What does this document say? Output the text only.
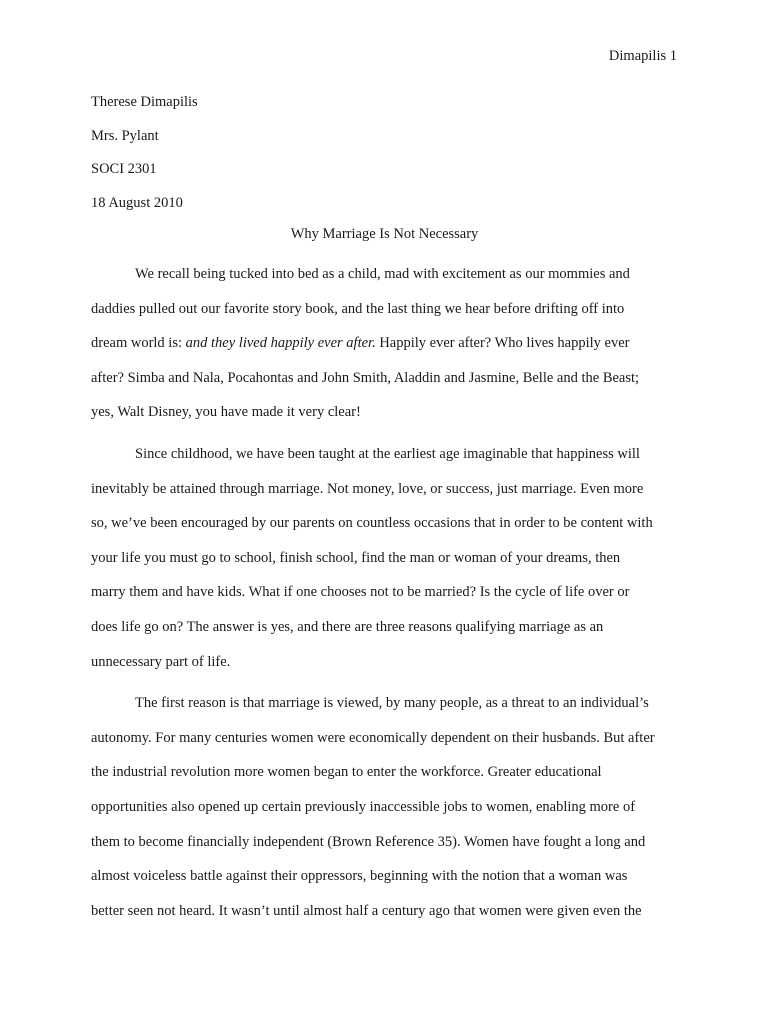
Dimapilis 1
Therese Dimapilis
Mrs. Pylant
SOCI 2301
18 August 2010
Why Marriage Is Not Necessary
We recall being tucked into bed as a child, mad with excitement as our mommies and
daddies pulled out our favorite story book, and the last thing we hear before drifting off into
dream world is: and they lived happily ever after. Happily ever after? Who lives happily ever
after? Simba and Nala, Pocahontas and John Smith, Aladdin and Jasmine, Belle and the Beast;
yes, Walt Disney, you have made it very clear!
Since childhood, we have been taught at the earliest age imaginable that happiness will
inevitably be attained through marriage. Not money, love, or success, just marriage. Even more
so, we’ve been encouraged by our parents on countless occasions that in order to be content with
your life you must go to school, finish school, find the man or woman of your dreams, then
marry them and have kids. What if one chooses not to be married? Is the cycle of life over or
does life go on? The answer is yes, and there are three reasons qualifying marriage as an
unnecessary part of life.
The first reason is that marriage is viewed, by many people, as a threat to an individual’s
autonomy. For many centuries women were economically dependent on their husbands. But after
the industrial revolution more women began to enter the workforce. Greater educational
opportunities also opened up certain previously inaccessible jobs to women, enabling more of
them to become financially independent (Brown Reference 35). Women have fought a long and
almost voiceless battle against their oppressors, beginning with the notion that a woman was
better seen not heard. It wasn’t until almost half a century ago that women were given even the
